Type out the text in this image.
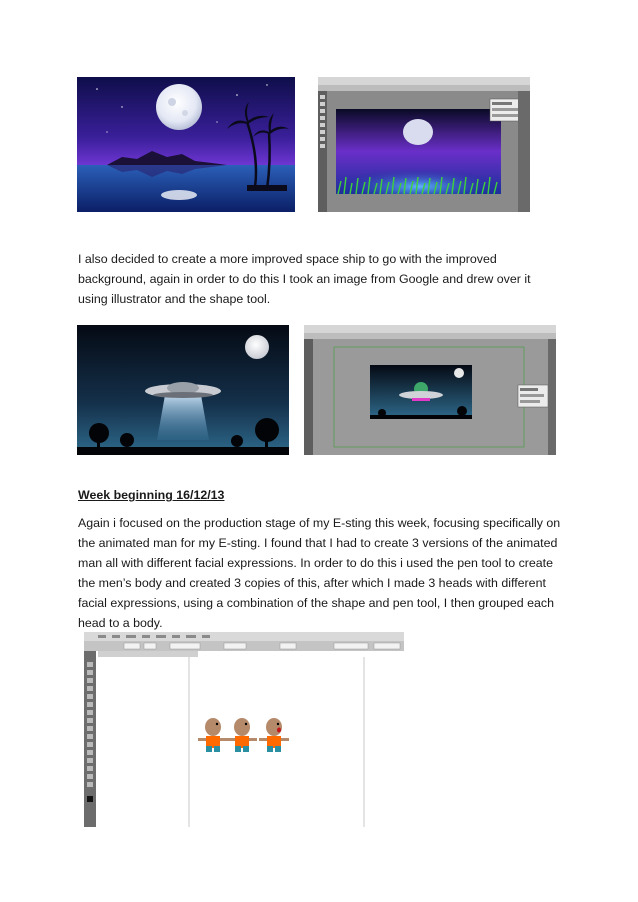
I also decided to create a more improved space ship to go with the improved background, again in order to do this I took an image from Google and drew over it using illustrator and the shape tool.

Week beginning 16/12/13

Again i focused on the production stage of my E-sting this week, focusing specifically on the animated man for my E-sting. I found that I had to create 3 versions of the animated man all with different facial expressions. In order to do this i used the pen tool to create the men’s body and created 3 copies of this, after which I made 3 heads with different facial expressions, using a combination of the shape and pen tool, I then grouped each head to a body.
